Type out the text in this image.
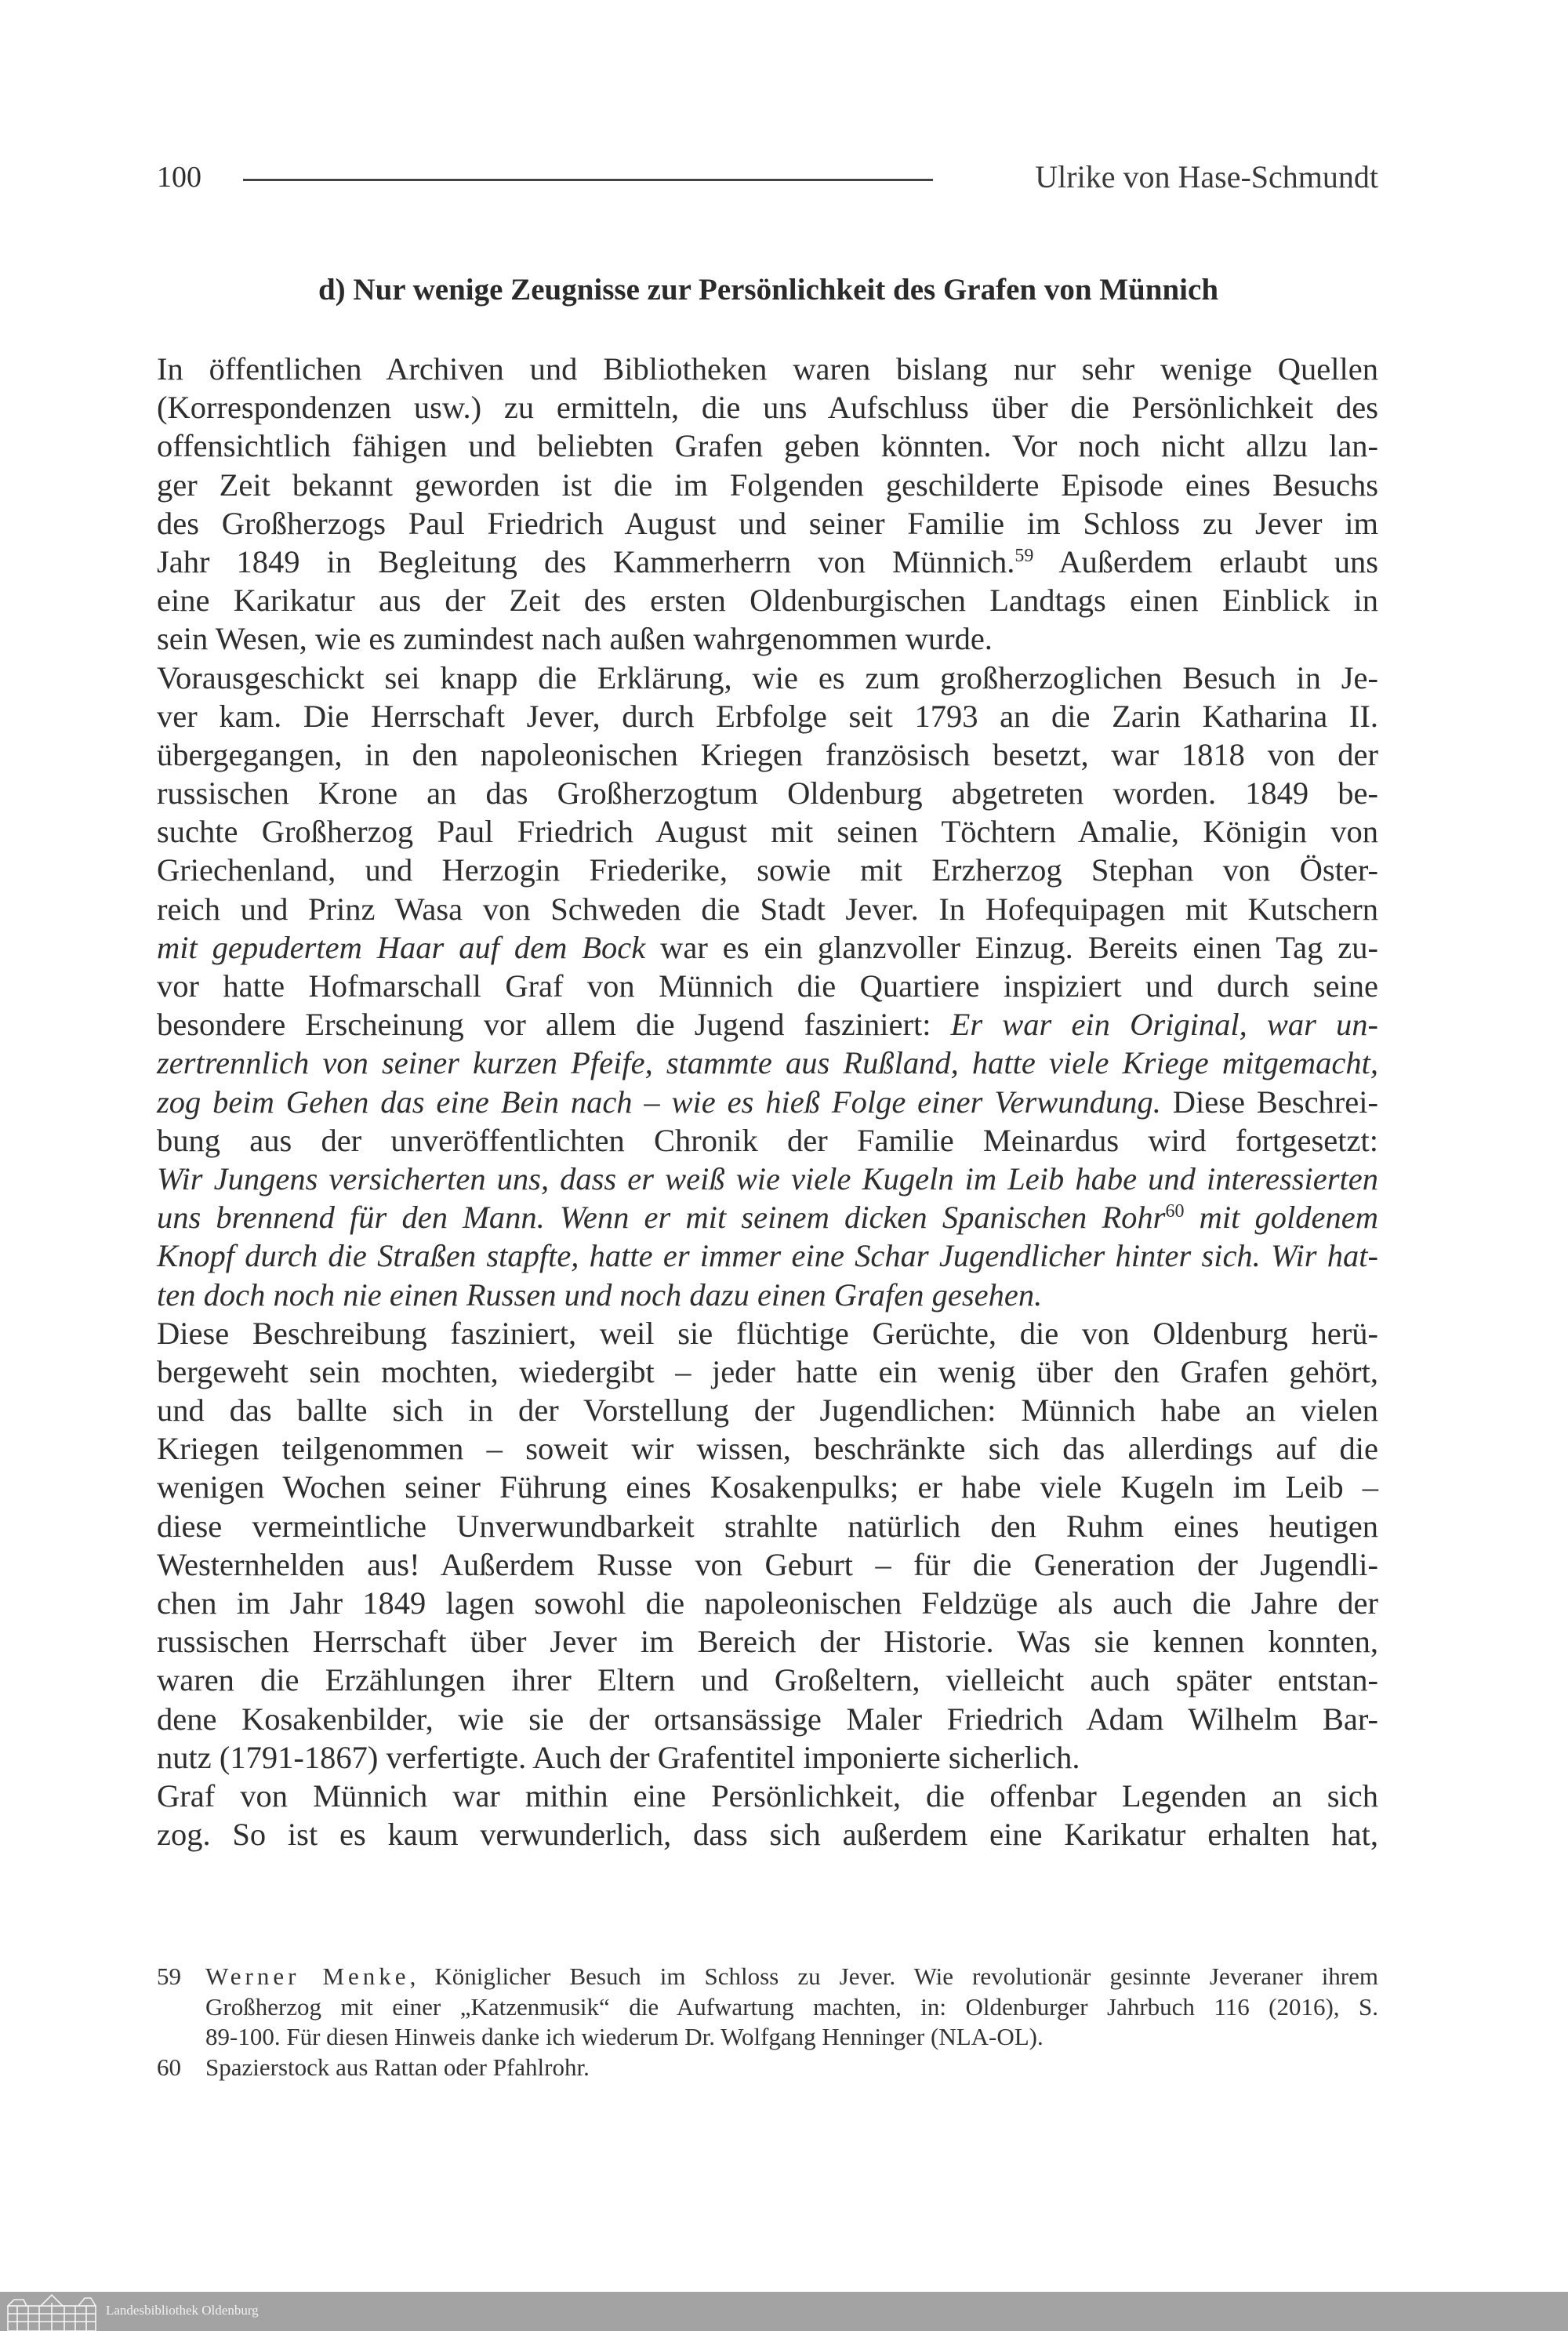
100	Ulrike von Hase-Schmundt
d) Nur wenige Zeugnisse zur Persönlichkeit des Grafen von Münnich
In öffentlichen Archiven und Bibliotheken waren bislang nur sehr wenige Quellen
(Korrespondenzen usw.) zu ermitteln, die uns Aufschluss über die Persönlichkeit des
offensichtlich fähigen und beliebten Grafen geben könnten. Vor noch nicht allzu lan-
ger Zeit bekannt geworden ist die im Folgenden geschilderte Episode eines Besuchs
des Großherzogs Paul Friedrich August und seiner Familie im Schloss zu Jever im
Jahr 1849 in Begleitung des Kammerherrn von Münnich.$^{59}$ Außerdem erlaubt uns
eine Karikatur aus der Zeit des ersten Oldenburgischen Landtags einen Einblick in
sein Wesen, wie es zumindest nach außen wahrgenommen wurde.
Vorausgeschickt sei knapp die Erklärung, wie es zum großherzoglichen Besuch in Je-
ver kam. Die Herrschaft Jever, durch Erbfolge seit 1793 an die Zarin Katharina II.
übergegangen, in den napoleonischen Kriegen französisch besetzt, war 1818 von der
russischen Krone an das Großherzogtum Oldenburg abgetreten worden. 1849 be-
suchte Großherzog Paul Friedrich August mit seinen Töchtern Amalie, Königin von
Griechenland, und Herzogin Friederike, sowie mit Erzherzog Stephan von Öster-
reich und Prinz Wasa von Schweden die Stadt Jever. In Hofequipagen mit Kutschern
mit gepudertem Haar auf dem Bock war es ein glanzvoller Einzug. Bereits einen Tag zu-
vor hatte Hofmarschall Graf von Münnich die Quartiere inspiziert und durch seine
besondere Erscheinung vor allem die Jugend fasziniert: Er war ein Original, war un-
zertrennlich von seiner kurzen Pfeife, stammte aus Rußland, hatte viele Kriege mitgemacht,
zog beim Gehen das eine Bein nach – wie es hieß Folge einer Verwundung. Diese Beschrei-
bung aus der unveröffentlichten Chronik der Familie Meinardus wird fortgesetzt:
Wir Jungens versicherten uns, dass er weiß wie viele Kugeln im Leib habe und interessierten
uns brennend für den Mann. Wenn er mit seinem dicken Spanischen Rohr$^{60}$ mit goldenem
Knopf durch die Straßen stapfte, hatte er immer eine Schar Jugendlicher hinter sich. Wir hat-
ten doch noch nie einen Russen und noch dazu einen Grafen gesehen.
Diese Beschreibung fasziniert, weil sie flüchtige Gerüchte, die von Oldenburg herü-
bergeweht sein mochten, wiedergibt – jeder hatte ein wenig über den Grafen gehört,
und das ballte sich in der Vorstellung der Jugendlichen: Münnich habe an vielen
Kriegen teilgenommen – soweit wir wissen, beschränkte sich das allerdings auf die
wenigen Wochen seiner Führung eines Kosakenpulks; er habe viele Kugeln im Leib –
diese vermeintliche Unverwundbarkeit strahlte natürlich den Ruhm eines heutigen
Westernhelden aus! Außerdem Russe von Geburt – für die Generation der Jugendli-
chen im Jahr 1849 lagen sowohl die napoleonischen Feldzüge als auch die Jahre der
russischen Herrschaft über Jever im Bereich der Historie. Was sie kennen konnten,
waren die Erzählungen ihrer Eltern und Großeltern, vielleicht auch später entstan-
dene Kosakenbilder, wie sie der ortsansässige Maler Friedrich Adam Wilhelm Bar-
nutz (1791-1867) verfertigte. Auch der Grafentitel imponierte sicherlich.
Graf von Münnich war mithin eine Persönlichkeit, die offenbar Legenden an sich
zog. So ist es kaum verwunderlich, dass sich außerdem eine Karikatur erhalten hat,
59	Werner Menke, Königlicher Besuch im Schloss zu Jever. Wie revolutionär gesinnte Jeveraner ihrem
Großherzog mit einer „Katzenmusik“ die Aufwartung machten, in: Oldenburger Jahrbuch 116 (2016), S.
89-100. Für diesen Hinweis danke ich wiederum Dr. Wolfgang Henninger (NLA-OL).
60	Spazierstock aus Rattan oder Pfahlrohr.
Landesbibliothek Oldenburg
